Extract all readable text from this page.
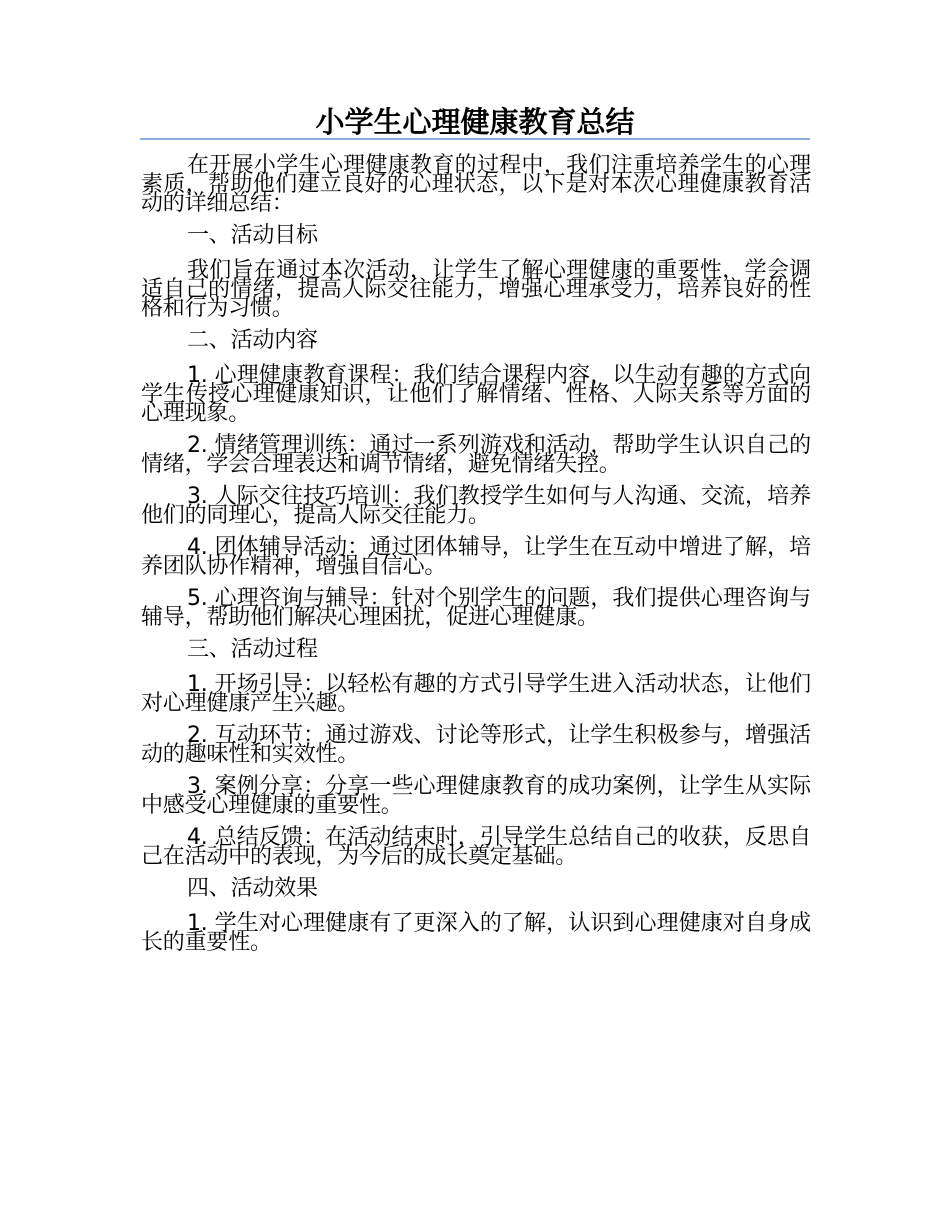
小学生心理健康教育总结

在开展小学生心理健康教育的过程中，我们注重培养学生的心理素质，帮助他们建立良好的心理状态，以下是对本次心理健康教育活动的详细总结：

一、活动目标

我们旨在通过本次活动，让学生了解心理健康的重要性，学会调适自己的情绪，提高人际交往能力，增强心理承受力，培养良好的性格和行为习惯。

二、活动内容

1. 心理健康教育课程：我们结合课程内容，以生动有趣的方式向学生传授心理健康知识，让他们了解情绪、性格、人际关系等方面的心理现象。

2. 情绪管理训练：通过一系列游戏和活动，帮助学生认识自己的情绪，学会合理表达和调节情绪，避免情绪失控。

3. 人际交往技巧培训：我们教授学生如何与人沟通、交流，培养他们的同理心，提高人际交往能力。

4. 团体辅导活动：通过团体辅导，让学生在互动中增进了解，培养团队协作精神，增强自信心。

5. 心理咨询与辅导：针对个别学生的问题，我们提供心理咨询与辅导，帮助他们解决心理困扰，促进心理健康。

三、活动过程

1. 开场引导：以轻松有趣的方式引导学生进入活动状态，让他们对心理健康产生兴趣。

2. 互动环节：通过游戏、讨论等形式，让学生积极参与，增强活动的趣味性和实效性。

3. 案例分享：分享一些心理健康教育的成功案例，让学生从实际中感受心理健康的重要性。

4. 总结反馈：在活动结束时，引导学生总结自己的收获，反思自己在活动中的表现，为今后的成长奠定基础。

四、活动效果

1. 学生对心理健康有了更深入的了解，认识到心理健康对自身成长的重要性。
